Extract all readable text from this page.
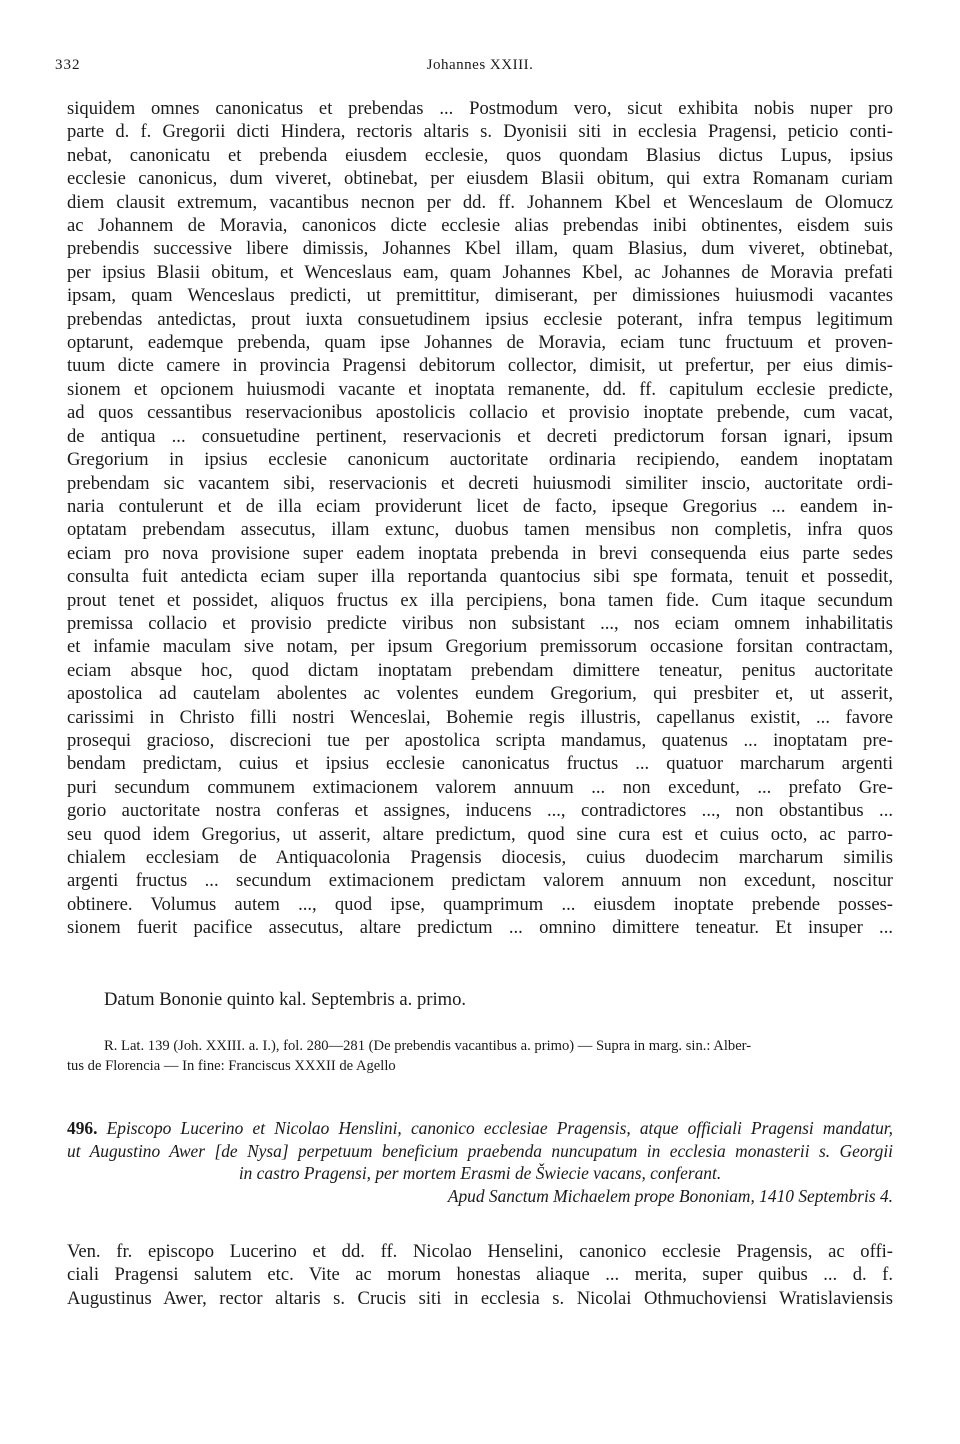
332	Johannes XXIII.
siquidem omnes canonicatus et prebendas ... Postmodum vero, sicut exhibita nobis nuper pro
parte d. f. Gregorii dicti Hindera, rectoris altaris s. Dyonisii siti in ecclesia Pragensi, peticio conti-
nebat, canonicatu et prebenda eiusdem ecclesie, quos quondam Blasius dictus Lupus, ipsius
ecclesie canonicus, dum viveret, obtinebat, per eiusdem Blasii obitum, qui extra Romanam curiam
diem clausit extremum, vacantibus necnon per dd. ff. Johannem Kbel et Wenceslaum de Olomucz
ac Johannem de Moravia, canonicos dicte ecclesie alias prebendas inibi obtinentes, eisdem suis
prebendis successive libere dimissis, Johannes Kbel illam, quam Blasius, dum viveret, obtinebat,
per ipsius Blasii obitum, et Wenceslaus eam, quam Johannes Kbel, ac Johannes de Moravia prefati
ipsam, quam Wenceslaus predicti, ut premittitur, dimiserant, per dimissiones huiusmodi vacantes
prebendas antedictas, prout iuxta consuetudinem ipsius ecclesie poterant, infra tempus legitimum
optarunt, eademque prebenda, quam ipse Johannes de Moravia, eciam tunc fructuum et proven-
tuum dicte camere in provincia Pragensi debitorum collector, dimisit, ut prefertur, per eius dimis-
sionem et opcionem huiusmodi vacante et inoptata remanente, dd. ff. capitulum ecclesie predicte,
ad quos cessantibus reservacionibus apostolicis collacio et provisio inoptate prebende, cum vacat,
de antiqua ... consuetudine pertinent, reservacionis et decreti predictorum forsan ignari, ipsum
Gregorium in ipsius ecclesie canonicum auctoritate ordinaria recipiendo, eandem inoptatam
prebendam sic vacantem sibi, reservacionis et decreti huiusmodi similiter inscio, auctoritate ordi-
naria contulerunt et de illa eciam providerunt licet de facto, ipseque Gregorius ... eandem in-
optatam prebendam assecutus, illam extunc, duobus tamen mensibus non completis, infra quos
eciam pro nova provisione super eadem inoptata prebenda in brevi consequenda eius parte sedes
consulta fuit antedicta eciam super illa reportanda quantocius sibi spe formata, tenuit et possedit,
prout tenet et possidet, aliquos fructus ex illa percipiens, bona tamen fide. Cum itaque secundum
premissa collacio et provisio predicte viribus non subsistant ..., nos eciam omnem inhabilitatis
et infamie maculam sive notam, per ipsum Gregorium premissorum occasione forsitan contractam,
eciam absque hoc, quod dictam inoptatam prebendam dimittere teneatur, penitus auctoritate
apostolica ad cautelam abolentes ac volentes eundem Gregorium, qui presbiter et, ut asserit,
carissimi in Christo filli nostri Wenceslai, Bohemie regis illustris, capellanus existit, ... favore
prosequi gracioso, discrecioni tue per apostolica scripta mandamus, quatenus ... inoptatam pre-
bendam predictam, cuius et ipsius ecclesie canonicatus fructus ... quatuor marcharum argenti
puri secundum communem extimacionem valorem annuum ... non excedunt, ... prefato Gre-
gorio auctoritate nostra conferas et assignes, inducens ..., contradictores ..., non obstantibus ...
seu quod idem Gregorius, ut asserit, altare predictum, quod sine cura est et cuius octo, ac parro-
chialem ecclesiam de Antiquacolonia Pragensis diocesis, cuius duodecim marcharum similis
argenti fructus ... secundum extimacionem predictam valorem annuum non excedunt, noscitur
obtinere. Volumus autem ..., quod ipse, quamprimum ... eiusdem inoptate prebende posses-
sionem fuerit pacifice assecutus, altare predictum ... omnino dimittere teneatur. Et insuper ...
Datum Bononie quinto kal. Septembris a. primo.
R. Lat. 139 (Joh. XXIII. a. I.), fol. 280—281 (De prebendis vacantibus a. primo) — Supra in marg. sin.: Alber-
tus de Florencia — In fine: Franciscus XXXII de Agello
496. Episcopo Lucerino et Nicolao Henslini, canonico ecclesiae Pragensis, atque officiali Pragensi mandatur,
ut Augustino Awer [de Nysa] perpetuum beneficium praebenda nuncupatum in ecclesia monasterii s. Georgii
in castro Pragensi, per mortem Erasmi de Šwiecie vacans, conferant.
Apud Sanctum Michaelem prope Bononiam, 1410 Septembris 4.
Ven. fr. episcopo Lucerino et dd. ff. Nicolao Henselini, canonico ecclesie Pragensis, ac offi-
ciali Pragensi salutem etc. Vite ac morum honestas aliaque ... merita, super quibus ... d. f.
Augustinus Awer, rector altaris s. Crucis siti in ecclesia s. Nicolai Othmuchoviensi Wratislaviensis
